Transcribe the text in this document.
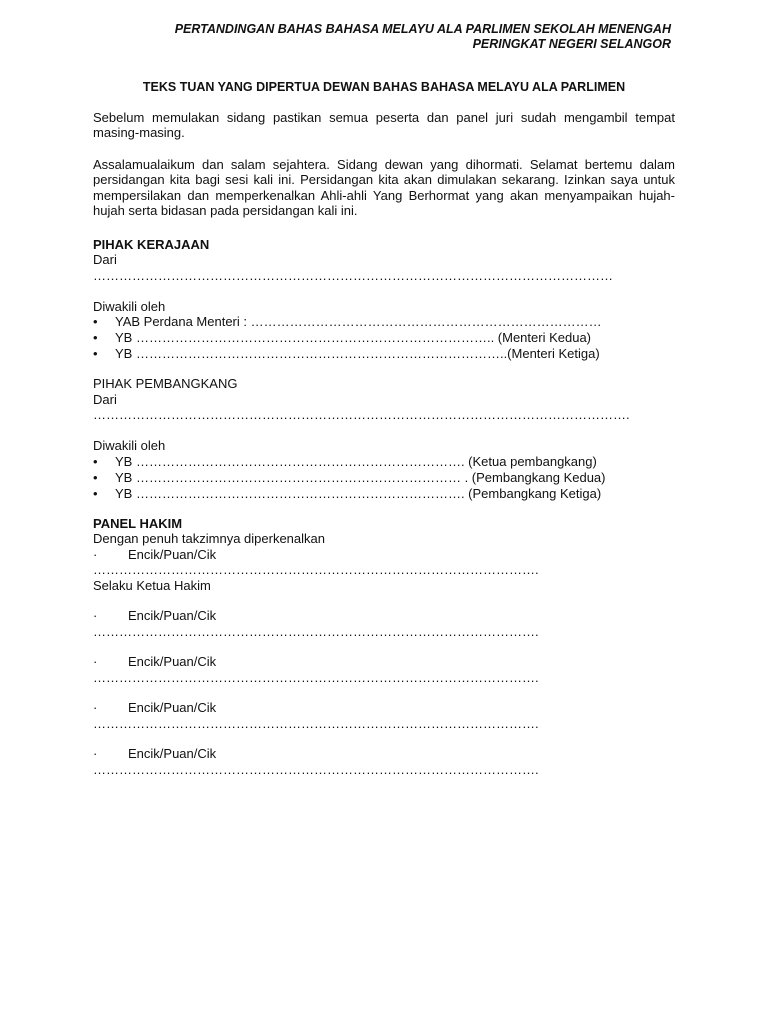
PERTANDINGAN BAHAS BAHASA MELAYU ALA PARLIMEN SEKOLAH MENENGAH
PERINGKAT NEGERI SELANGOR
TEKS TUAN YANG DIPERTUA DEWAN BAHAS BAHASA MELAYU ALA PARLIMEN

Sebelum memulakan sidang pastikan semua peserta dan panel juri sudah mengambil tempat masing-masing.

Assalamualaikum dan salam sejahtera. Sidang dewan yang dihormati. Selamat bertemu dalam persidangan kita bagi sesi kali ini. Persidangan kita akan dimulakan sekarang. Izinkan saya untuk mempersilakan dan memperkenalkan Ahli-ahli Yang Berhormat yang akan menyampaikan hujah-hujah serta bidasan pada persidangan kali ini.

PIHAK KERAJAAN
Dari
…………………………………………………………………………………………………………
Diwakili oleh
• YAB Perdana Menteri : ………………………………………………………………………
• YB ……………………………………………………………………….. (Menteri Kedua)
• YB …………………………………………………………………………..(Menteri Ketiga)
PIHAK PEMBANGKANG
Dari
…………………………………………………………………………………………………………….
Diwakili oleh
• YB …………………………………………………………………. (Ketua pembangkang)
• YB ………………………………………………………………… . (Pembangkang Kedua)
• YB …………………………………………………………………. (Pembangkang Ketiga)
PANEL HAKIM
Dengan penuh takzimnya diperkenalkan
· Encik/Puan/Cik
………………………………………………………………………………………….
Selaku Ketua Hakim
· Encik/Puan/Cik
………………………………………………………………………………………….
· Encik/Puan/Cik
………………………………………………………………………………………….
· Encik/Puan/Cik
………………………………………………………………………………………….
· Encik/Puan/Cik
………………………………………………………………………………………….
